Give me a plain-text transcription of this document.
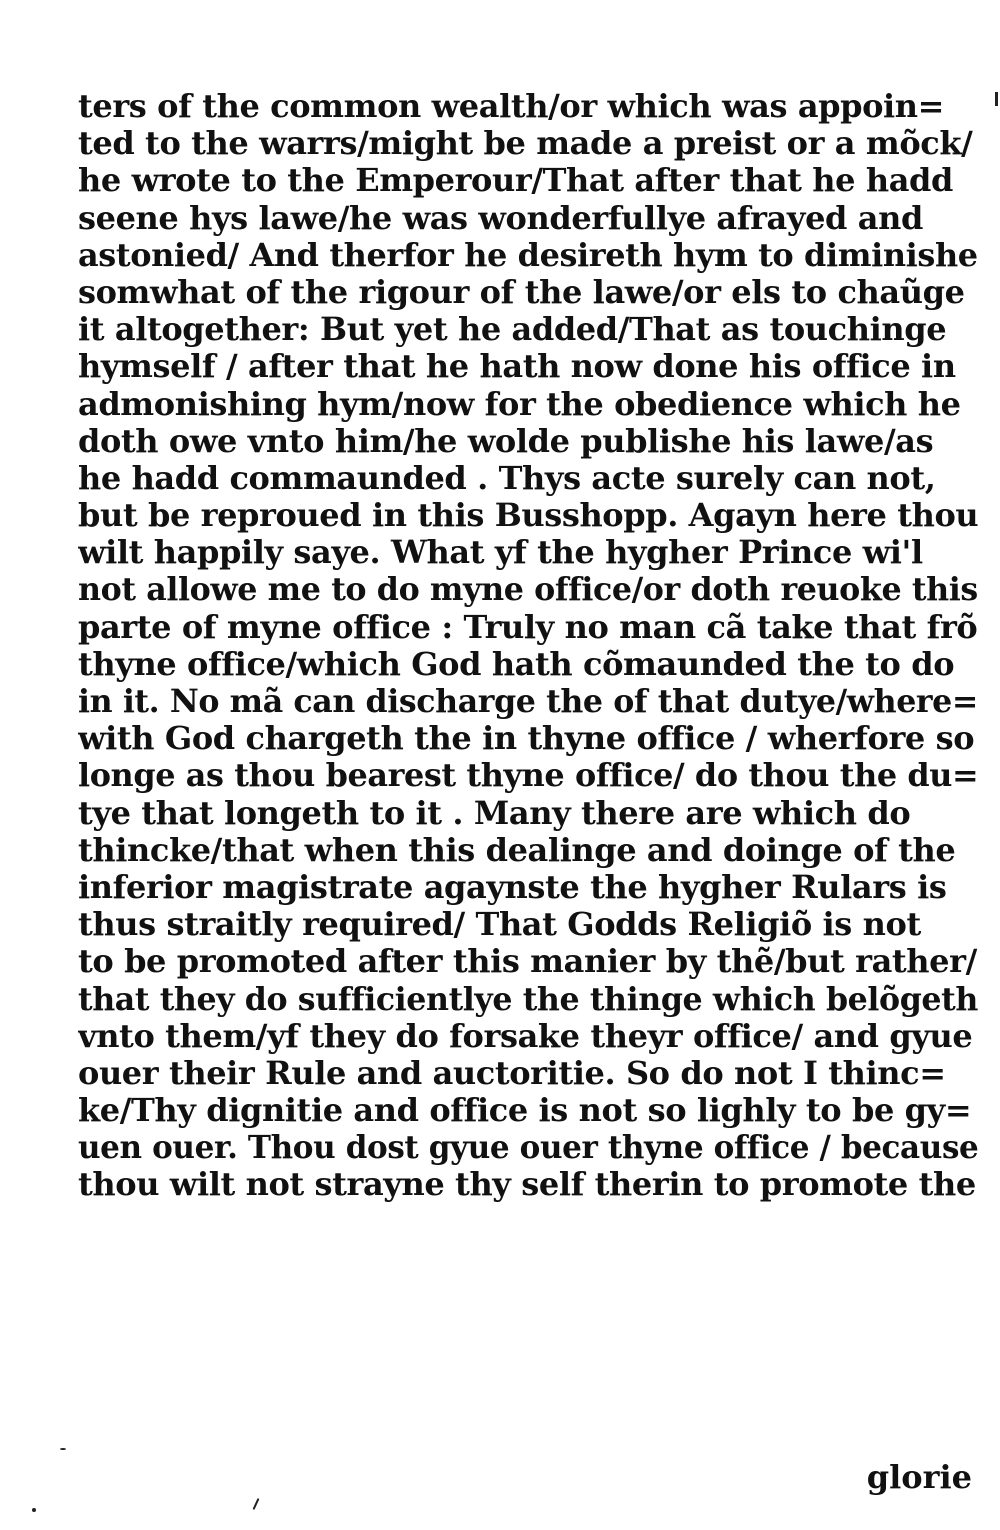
ters of the common wealth/or which was appoin=
ted to the warrs/might be made a preist or a mõck/
he wrote to the Emperour/That after that he hadd
seene hys lawe/he was wonderfullye afrayed and
astonied/ And therfor he desireth hym to diminishe
somwhat of the rigour of the lawe/or els to chaũge
it altogether: But yet he added/That as touchinge
hymself / after that he hath now done his office in
admonishing hym/now for the obedience which he
doth owe vnto him/he wolde publishe his lawe/as
he hadd commaunded . Thys acte surely can not,
but be reproued in this Busshopp. Agayn here thou
wilt happily saye. What yf the hygher Prince wi'l
not allowe me to do myne office/or doth reuoke this
parte of myne office : Truly no man cã take that frõ
thyne office/which God hath cõmaunded the to do
in it. No mã can discharge the of that dutye/where=
with God chargeth the in thyne office / wherfore so
longe as thou bearest thyne office/ do thou the du=
tye that longeth to it . Many there are which do
thincke/that when this dealinge and doinge of the
inferior magistrate agaynste the hygher Rulars is
thus straitly required/ That Godds Religiõ is not
to be promoted after this manier by thẽ/but rather/
that they do sufficientlye the thinge which belõgeth
vnto them/yf they do forsake theyr office/ and gyue
ouer their Rule and auctoritie. So do not I thinc=
ke/Thy dignitie and office is not so lighly to be gy=
uen ouer. Thou dost gyue ouer thyne office / because
thou wilt not strayne thy self therin to promote the
glorie
